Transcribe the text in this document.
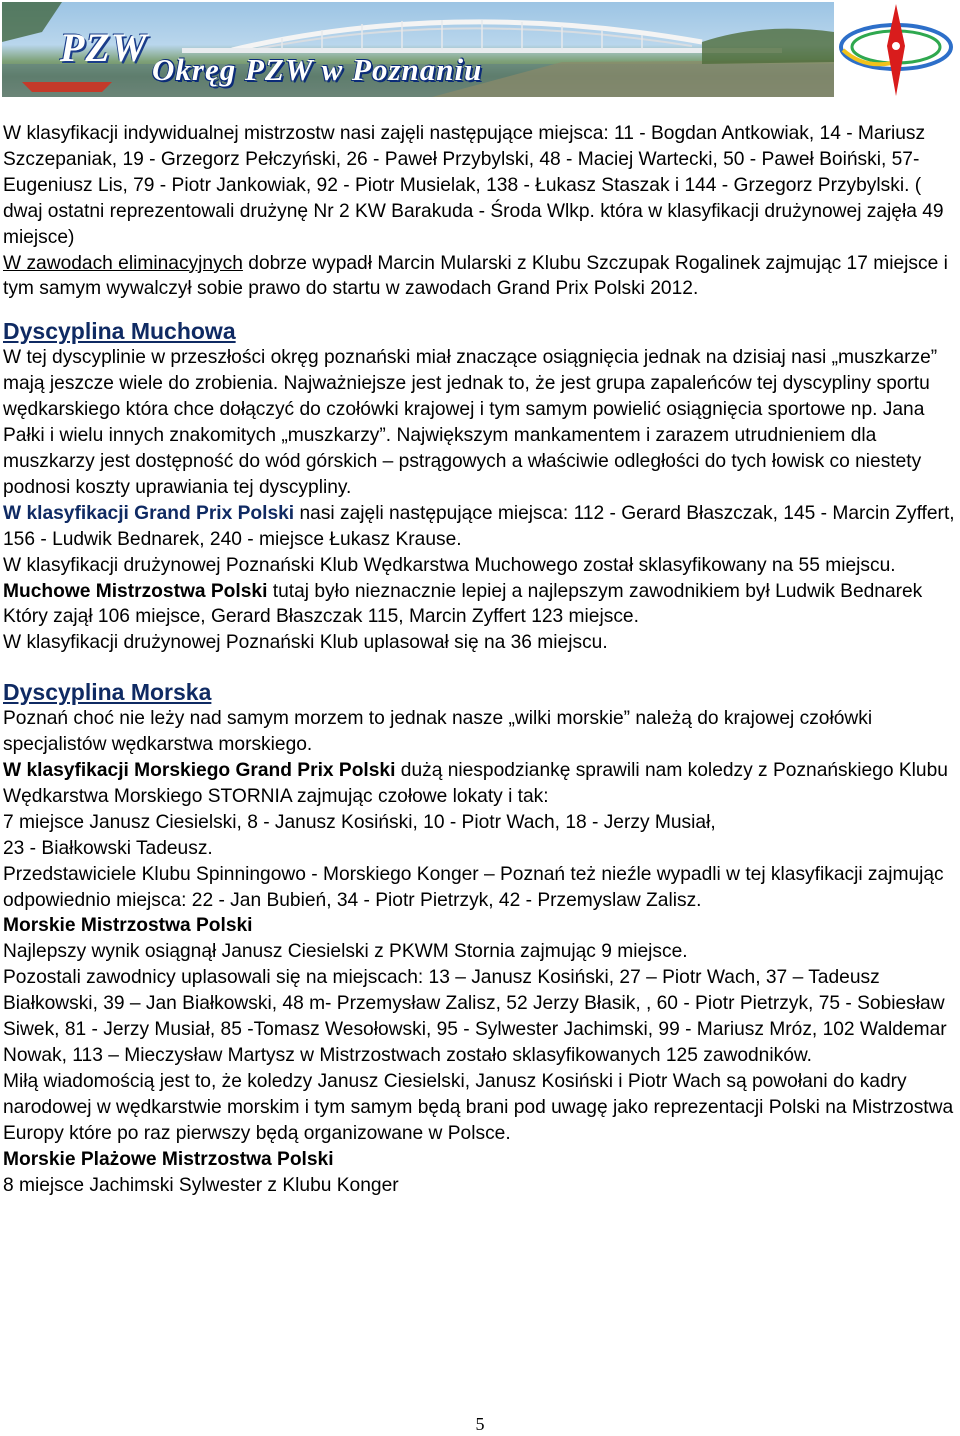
PZW Okręg PZW w Poznaniu

W klasyfikacji indywidualnej mistrzostw nasi zajęli następujące miejsca: 11 - Bogdan Antkowiak, 14 - Mariusz Szczepaniak, 19 - Grzegorz Pełczyński, 26 - Paweł Przybylski, 48 - Maciej Wartecki, 50 - Paweł Boiński, 57- Eugeniusz Lis, 79 - Piotr Jankowiak, 92 - Piotr Musielak, 138 - Łukasz Staszak i 144 - Grzegorz Przybylski. ( dwaj ostatni reprezentowali drużynę Nr 2 KW Barakuda - Środa Wlkp. która w klasyfikacji drużynowej zajęła 49 miejsce)

W zawodach eliminacyjnych dobrze wypadł Marcin Mularski z Klubu Szczupak Rogalinek zajmując 17 miejsce i tym samym wywalczył sobie prawo do startu w zawodach Grand Prix Polski 2012.

Dyscyplina Muchowa

W tej dyscyplinie w przeszłości okręg poznański miał znaczące osiągnięcia jednak na dzisiaj nasi „muszkarze” mają jeszcze wiele do zrobienia. Najważniejsze jest jednak to, że jest grupa zapaleńców tej dyscypliny sportu wędkarskiego która chce dołączyć do czołówki krajowej i tym samym powielić osiągnięcia sportowe np. Jana Pałki i wielu innych znakomitych „muszkarzy”. Największym mankamentem i zarazem utrudnieniem dla muszkarzy jest dostępność do wód górskich – pstrągowych a właściwie odległości do tych łowisk co niestety podnosi koszty uprawiania tej dyscypliny.

W klasyfikacji Grand Prix Polski nasi zajęli następujące miejsca: 112 - Gerard Błaszczak, 145 - Marcin Zyffert, 156 - Ludwik Bednarek, 240 - miejsce Łukasz Krause.

W klasyfikacji drużynowej Poznański Klub Wędkarstwa Muchowego został sklasyfikowany na 55 miejscu.

Muchowe Mistrzostwa Polski tutaj było nieznacznie lepiej a najlepszym zawodnikiem był Ludwik Bednarek Który zajął 106 miejsce, Gerard Błaszczak 115, Marcin Zyffert 123 miejsce.

W klasyfikacji drużynowej Poznański Klub uplasował się na 36 miejscu.

Dyscyplina Morska

Poznań choć nie leży nad samym morzem to jednak nasze „wilki morskie” należą do krajowej czołówki specjalistów wędkarstwa morskiego.

W klasyfikacji Morskiego Grand Prix Polski dużą niespodziankę sprawili nam koledzy z Poznańskiego Klubu Wędkarstwa Morskiego STORNIA zajmując czołowe lokaty i tak:

7 miejsce Janusz Ciesielski, 8 - Janusz Kosiński, 10 - Piotr Wach, 18 - Jerzy Musiał,

23 - Białkowski Tadeusz.

Przedstawiciele Klubu Spinningowo - Morskiego Konger – Poznań też nieźle wypadli w tej klasyfikacji zajmując odpowiednio miejsca: 22 - Jan Bubień, 34 - Piotr Pietrzyk, 42 - Przemyslaw Zalisz.

Morskie Mistrzostwa Polski

Najlepszy wynik osiągnął Janusz Ciesielski z PKWM Stornia zajmując 9 miejsce.

Pozostali zawodnicy uplasowali się na miejscach: 13 – Janusz Kosiński, 27 – Piotr Wach, 37 – Tadeusz Białkowski, 39 – Jan Białkowski, 48 m- Przemysław Zalisz, 52 Jerzy Błasik, , 60 - Piotr Pietrzyk, 75 - Sobiesław Siwek, 81 - Jerzy Musiał, 85 -Tomasz Wesołowski, 95 - Sylwester Jachimski, 99 - Mariusz Mróz, 102 Waldemar Nowak, 113 – Mieczysław Martysz w Mistrzostwach zostało sklasyfikowanych 125 zawodników.

Miłą wiadomością jest to, że koledzy Janusz Ciesielski, Janusz Kosiński i Piotr Wach są powołani do kadry narodowej w wędkarstwie morskim i tym samym będą brani pod uwagę jako reprezentacji Polski na Mistrzostwa Europy które po raz pierwszy będą organizowane w Polsce.

Morskie Plażowe Mistrzostwa Polski

8 miejsce Jachimski Sylwester z Klubu Konger

5
